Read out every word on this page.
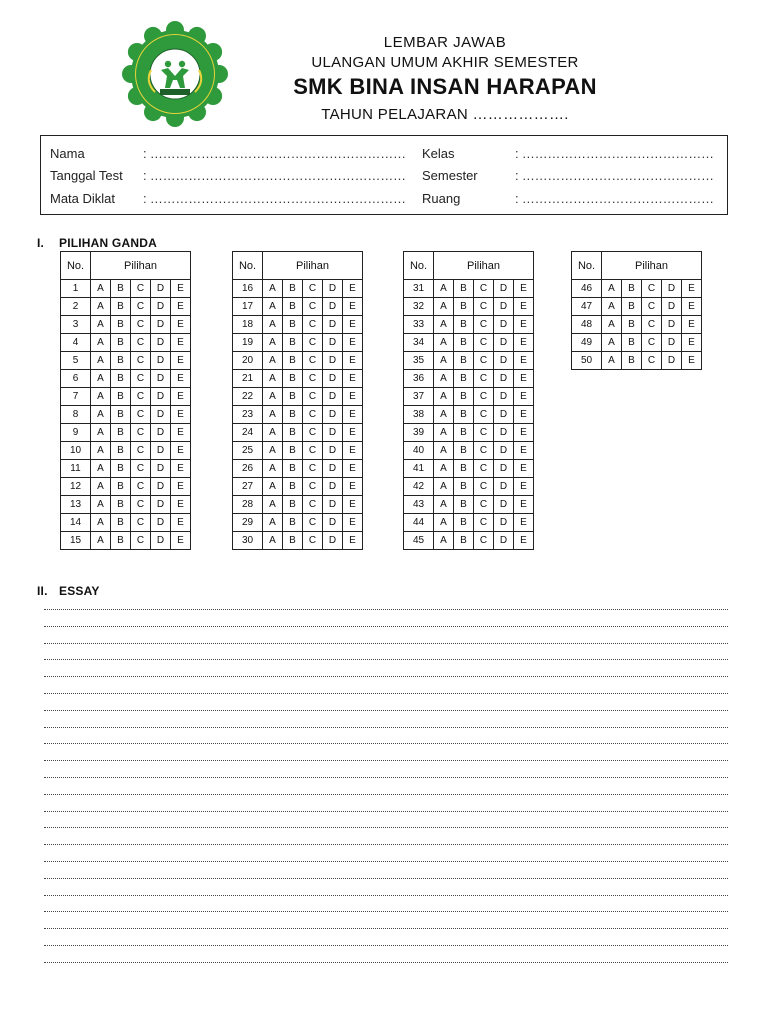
LEMBAR JAWAB
ULANGAN UMUM AKHIR SEMESTER
SMK BINA INSAN HARAPAN
TAHUN PELAJARAN ……………….
Nama	: ……………………………………………………
Tanggal Test : ……………………………………………………
Mata Diklat : ……………………………………………………
Kelas	: ………………………………………
Semester	: ………………………………………
Ruang	: ………………………………………
I. PILIHAN GANDA
No.	Pilihan				
1	A	B	C	D	E
2	A	B	C	D	E
3	A	B	C	D	E
4	A	B	C	D	E
5	A	B	C	D	E
6	A	B	C	D	E
7	A	B	C	D	E
8	A	B	C	D	E
9	A	B	C	D	E
10	A	B	C	D	E
11	A	B	C	D	E
12	A	B	C	D	E
13	A	B	C	D	E
14	A	B	C	D	E
15	A	B	C	D	E
No.	Pilihan				
16	A	B	C	D	E
17	A	B	C	D	E
18	A	B	C	D	E
19	A	B	C	D	E
20	A	B	C	D	E
21	A	B	C	D	E
22	A	B	C	D	E
23	A	B	C	D	E
24	A	B	C	D	E
25	A	B	C	D	E
26	A	B	C	D	E
27	A	B	C	D	E
28	A	B	C	D	E
29	A	B	C	D	E
30	A	B	C	D	E
No.	Pilihan				
31	A	B	C	D	E
32	A	B	C	D	E
33	A	B	C	D	E
34	A	B	C	D	E
35	A	B	C	D	E
36	A	B	C	D	E
37	A	B	C	D	E
38	A	B	C	D	E
39	A	B	C	D	E
40	A	B	C	D	E
41	A	B	C	D	E
42	A	B	C	D	E
43	A	B	C	D	E
44	A	B	C	D	E
45	A	B	C	D	E
No.	Pilihan				
46	A	B	C	D	E
47	A	B	C	D	E
48	A	B	C	D	E
49	A	B	C	D	E
50	A	B	C	D	E
II. ESSAY
